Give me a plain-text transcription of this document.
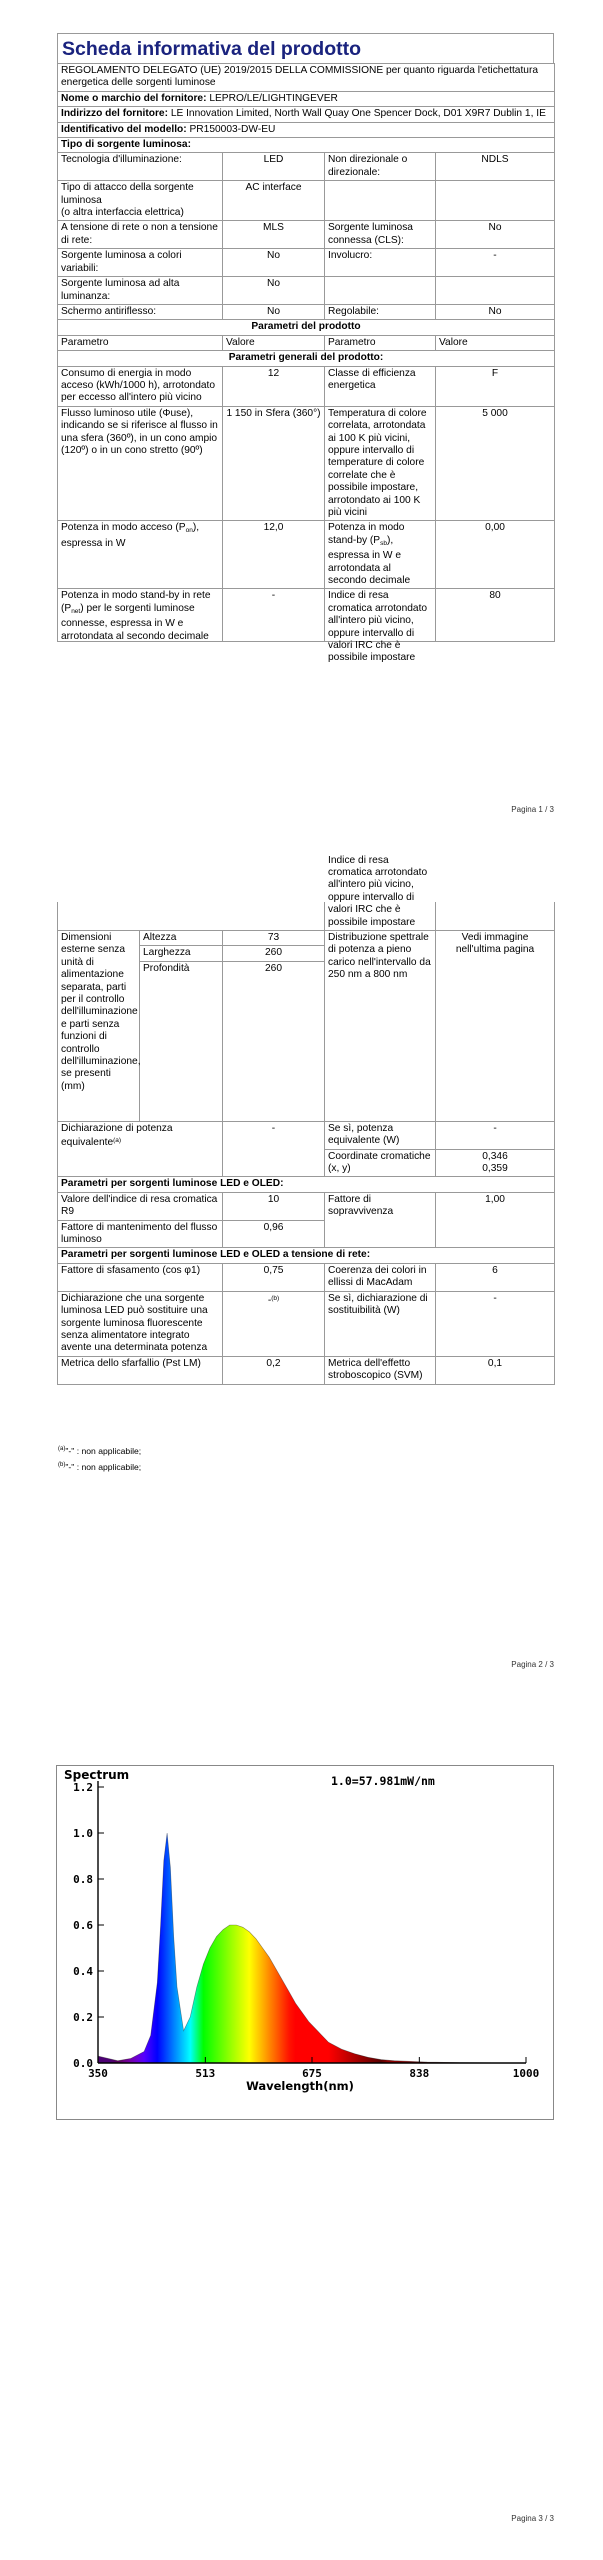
Scheda informativa del prodotto
REGOLAMENTO DELEGATO (UE) 2019/2015 DELLA COMMISSIONE per quanto riguarda l'etichettatura energetica delle sorgenti luminose			
Nome o marchio del fornitore: LEPRO/LE/LIGHTINGEVER			
Indirizzo del fornitore: LE Innovation Limited, North Wall Quay One Spencer Dock, D01 X9R7 Dublin 1, IE			
Identificativo del modello: PR150003-DW-EU			
Tipo di sorgente luminosa:			
Tecnologia d'illuminazione:	LED	Non direzionale o direzionale:	NDLS
Tipo di attacco della sorgente luminosa
(o altra interfaccia elettrica)	AC interface		
A tensione di rete o non a tensione di rete:	MLS	Sorgente luminosa connessa (CLS):	No
Sorgente luminosa a colori variabili:	No	Involucro:	-
Sorgente luminosa ad alta luminanza:	No		
Schermo antiriflesso:	No	Regolabile:	No
Parametri del prodotto			
Parametro	Valore	Parametro	Valore
Parametri generali del prodotto:			
Consumo di energia in modo acceso (kWh/1000 h), arrotondato per eccesso all'intero più vicino	12	Classe di efficienza energetica	F
Flusso luminoso utile (Φuse), indicando se si riferisce al flusso in una sfera (360º), in un cono ampio (120º) o in un cono stretto (90º)	1 150 in Sfera (360°)	Temperatura di colore correlata, arrotondata ai 100 K più vicini, oppure intervallo di temperature di colore correlate che è possibile impostare, arrotondato ai 100 K più vicini	5 000
Potenza in modo acceso $(P_{on})$, espressa in W	12,0	Potenza in modo stand-by $(P_{sb})$, espressa in W e arrotondata al secondo decimale	0,00

Potenza in modo stand-by in rete $(P_{net})$ per le sorgenti luminose connesse, espressa in W e arrotondata al secondo decimale	-	Indice di resa cromatica arrotondato all'intero più vicino, oppure intervallo di valori IRC che è possibile impostare	80
Pagina 1 / 3

			Indice di resa cromatica arrotondato all'intero più vicino, oppure intervallo di valori IRC che è possibile impostare	

Dimensioni esterne senza unità di alimentazione separata, parti per il controllo dell'illuminazione e parti senza funzioni di controllo dell'illuminazione, se presenti (mm)	Altezza	73	Distribuzione spettrale di potenza a pieno carico nell'intervallo da 250 nm a 800 nm	Vedi immagine nell'ultima pagina
	Larghezza	260		
	Profondità	260		
Dichiarazione di potenza equivalente$^{(a)}$		-	Se sì, potenza equivalente (W)	-
			Coordinate cromatiche (x, y)	0,346
0,359

Parametri per sorgenti luminose LED e OLED:				
Valore dell'indice di resa cromatica R9		10	Fattore di sopravvivenza	1,00
Fattore di mantenimento del flusso luminoso		0,96		
Parametri per sorgenti luminose LED e OLED a tensione di rete:				
Fattore di sfasamento (cos φ1)		0,75	Coerenza dei colori in ellissi di MacAdam	6
Dichiarazione che una sorgente luminosa LED può sostituire una sorgente luminosa fluorescente senza alimentatore integrato avente una determinata potenza		-$^{(b)}$	Se sì, dichiarazione di sostituibilità (W)	-
Metrica dello sfarfallio (Pst LM)		0,2	Metrica dell'effetto stroboscopico (SVM)	0,1
$^{(a)}$"-" : non applicabile;
$^{(b)}$"-" : non applicabile;
Pagina 2 / 3
0.0
0.2
0.4
0.6
0.8
1.0
1.2
350	513	675	838	1000
Spectrum	1.0=57.981mW/nm
Wavelength(nm)
Pagina 3 / 3
